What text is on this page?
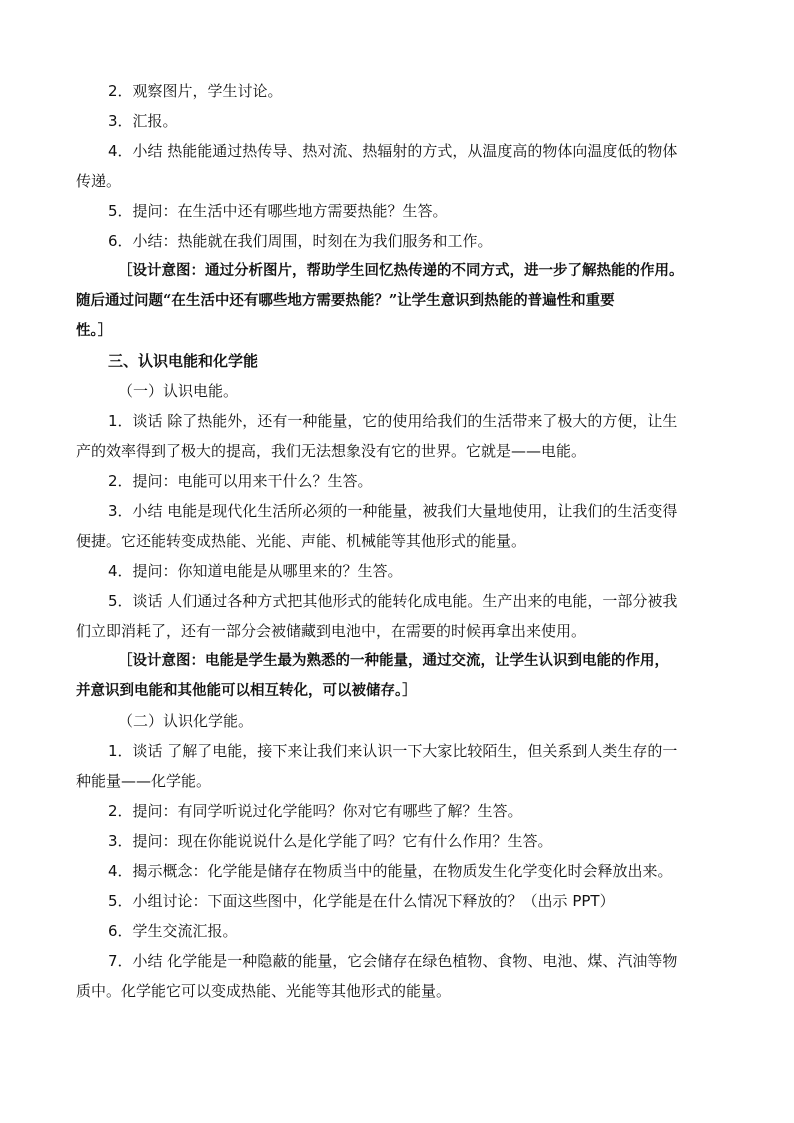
2．观察图片，学生讨论。
3．汇报。
4．小结 热能能通过热传导、热对流、热辐射的方式，从温度高的物体向温度低的物体
传递。
5．提问：在生活中还有哪些地方需要热能？生答。
6．小结：热能就在我们周围，时刻在为我们服务和工作。
［设计意图：通过分析图片，帮助学生回忆热传递的不同方式，进一步了解热能的作用。
随后通过问题“在生活中还有哪些地方需要热能？”让学生意识到热能的普遍性和重要
性。］
三、认识电能和化学能
（一）认识电能。
1．谈话 除了热能外，还有一种能量，它的使用给我们的生活带来了极大的方便，让生
产的效率得到了极大的提高，我们无法想象没有它的世界。它就是——电能。
2．提问：电能可以用来干什么？生答。
3．小结 电能是现代化生活所必须的一种能量，被我们大量地使用，让我们的生活变得
便捷。它还能转变成热能、光能、声能、机械能等其他形式的能量。
4．提问：你知道电能是从哪里来的？生答。
5．谈话 人们通过各种方式把其他形式的能转化成电能。生产出来的电能，一部分被我
们立即消耗了，还有一部分会被储藏到电池中，在需要的时候再拿出来使用。
［设计意图：电能是学生最为熟悉的一种能量，通过交流，让学生认识到电能的作用，
并意识到电能和其他能可以相互转化，可以被储存。］
（二）认识化学能。
1．谈话 了解了电能，接下来让我们来认识一下大家比较陌生，但关系到人类生存的一
种能量——化学能。
2．提问：有同学听说过化学能吗？你对它有哪些了解？生答。
3．提问：现在你能说说什么是化学能了吗？它有什么作用？生答。
4．揭示概念：化学能是储存在物质当中的能量，在物质发生化学变化时会释放出来。
5．小组讨论：下面这些图中，化学能是在什么情况下释放的？（出示 PPT）
6．学生交流汇报。
7．小结 化学能是一种隐蔽的能量，它会储存在绿色植物、食物、电池、煤、汽油等物
质中。化学能它可以变成热能、光能等其他形式的能量。
